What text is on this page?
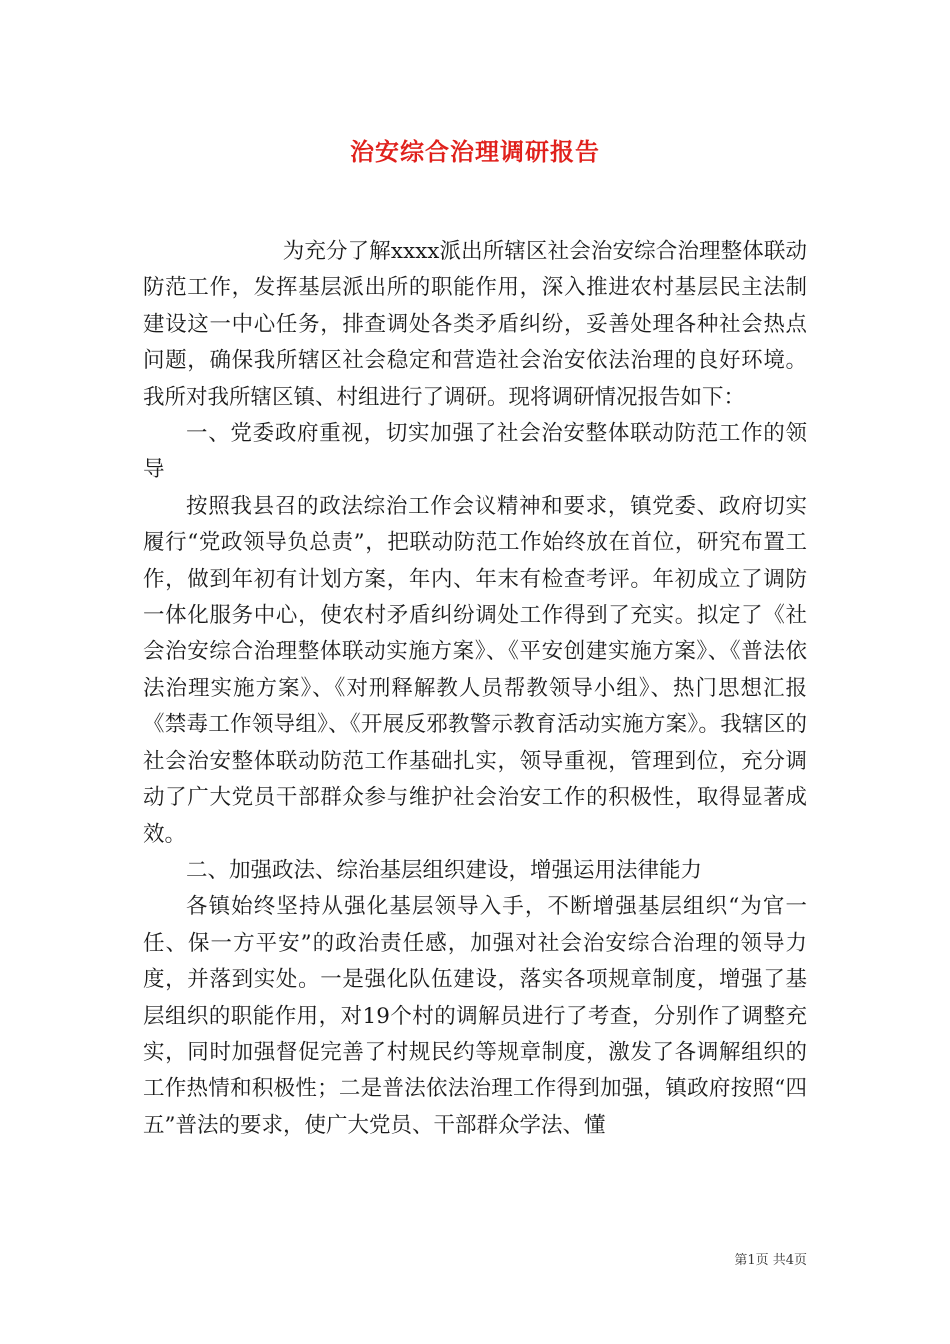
治安综合治理调研报告

为充分了解xxxx派出所辖区社会治安综合治理整体联动防范工作，发挥基层派出所的职能作用，深入推进农村基层民主法制建设这一中心任务，排查调处各类矛盾纠纷，妥善处理各种社会热点问题，确保我所辖区社会稳定和营造社会治安依法治理的良好环境。我所对我所辖区镇、村组进行了调研。现将调研情况报告如下：

一、党委政府重视，切实加强了社会治安整体联动防范工作的领导

按照我县召的政法综治工作会议精神和要求，镇党委、政府切实履行“党政领导负总责”，把联动防范工作始终放在首位，研究布置工作，做到年初有计划方案，年内、年末有检查考评。年初成立了调防一体化服务中心，使农村矛盾纠纷调处工作得到了充实。拟定了《社会治安综合治理整体联动实施方案》、《平安创建实施方案》、《普法依法治理实施方案》、《对刑释解教人员帮教领导小组》、热门思想汇报《禁毒工作领导组》、《开展反邪教警示教育活动实施方案》。我辖区的社会治安整体联动防范工作基础扎实，领导重视，管理到位，充分调动了广大党员干部群众参与维护社会治安工作的积极性，取得显著成效。

二、加强政法、综治基层组织建设，增强运用法律能力

各镇始终坚持从强化基层领导入手，不断增强基层组织“为官一任、保一方平安”的政治责任感，加强对社会治安综合治理的领导力度，并落到实处。一是强化队伍建设，落实各项规章制度，增强了基层组织的职能作用，对19个村的调解员进行了考查，分别作了调整充实，同时加强督促完善了村规民约等规章制度，激发了各调解组织的工作热情和积极性；二是普法依法治理工作得到加强，镇政府按照“四五”普法的要求，使广大党员、干部群众学法、懂

第1页 共4页
